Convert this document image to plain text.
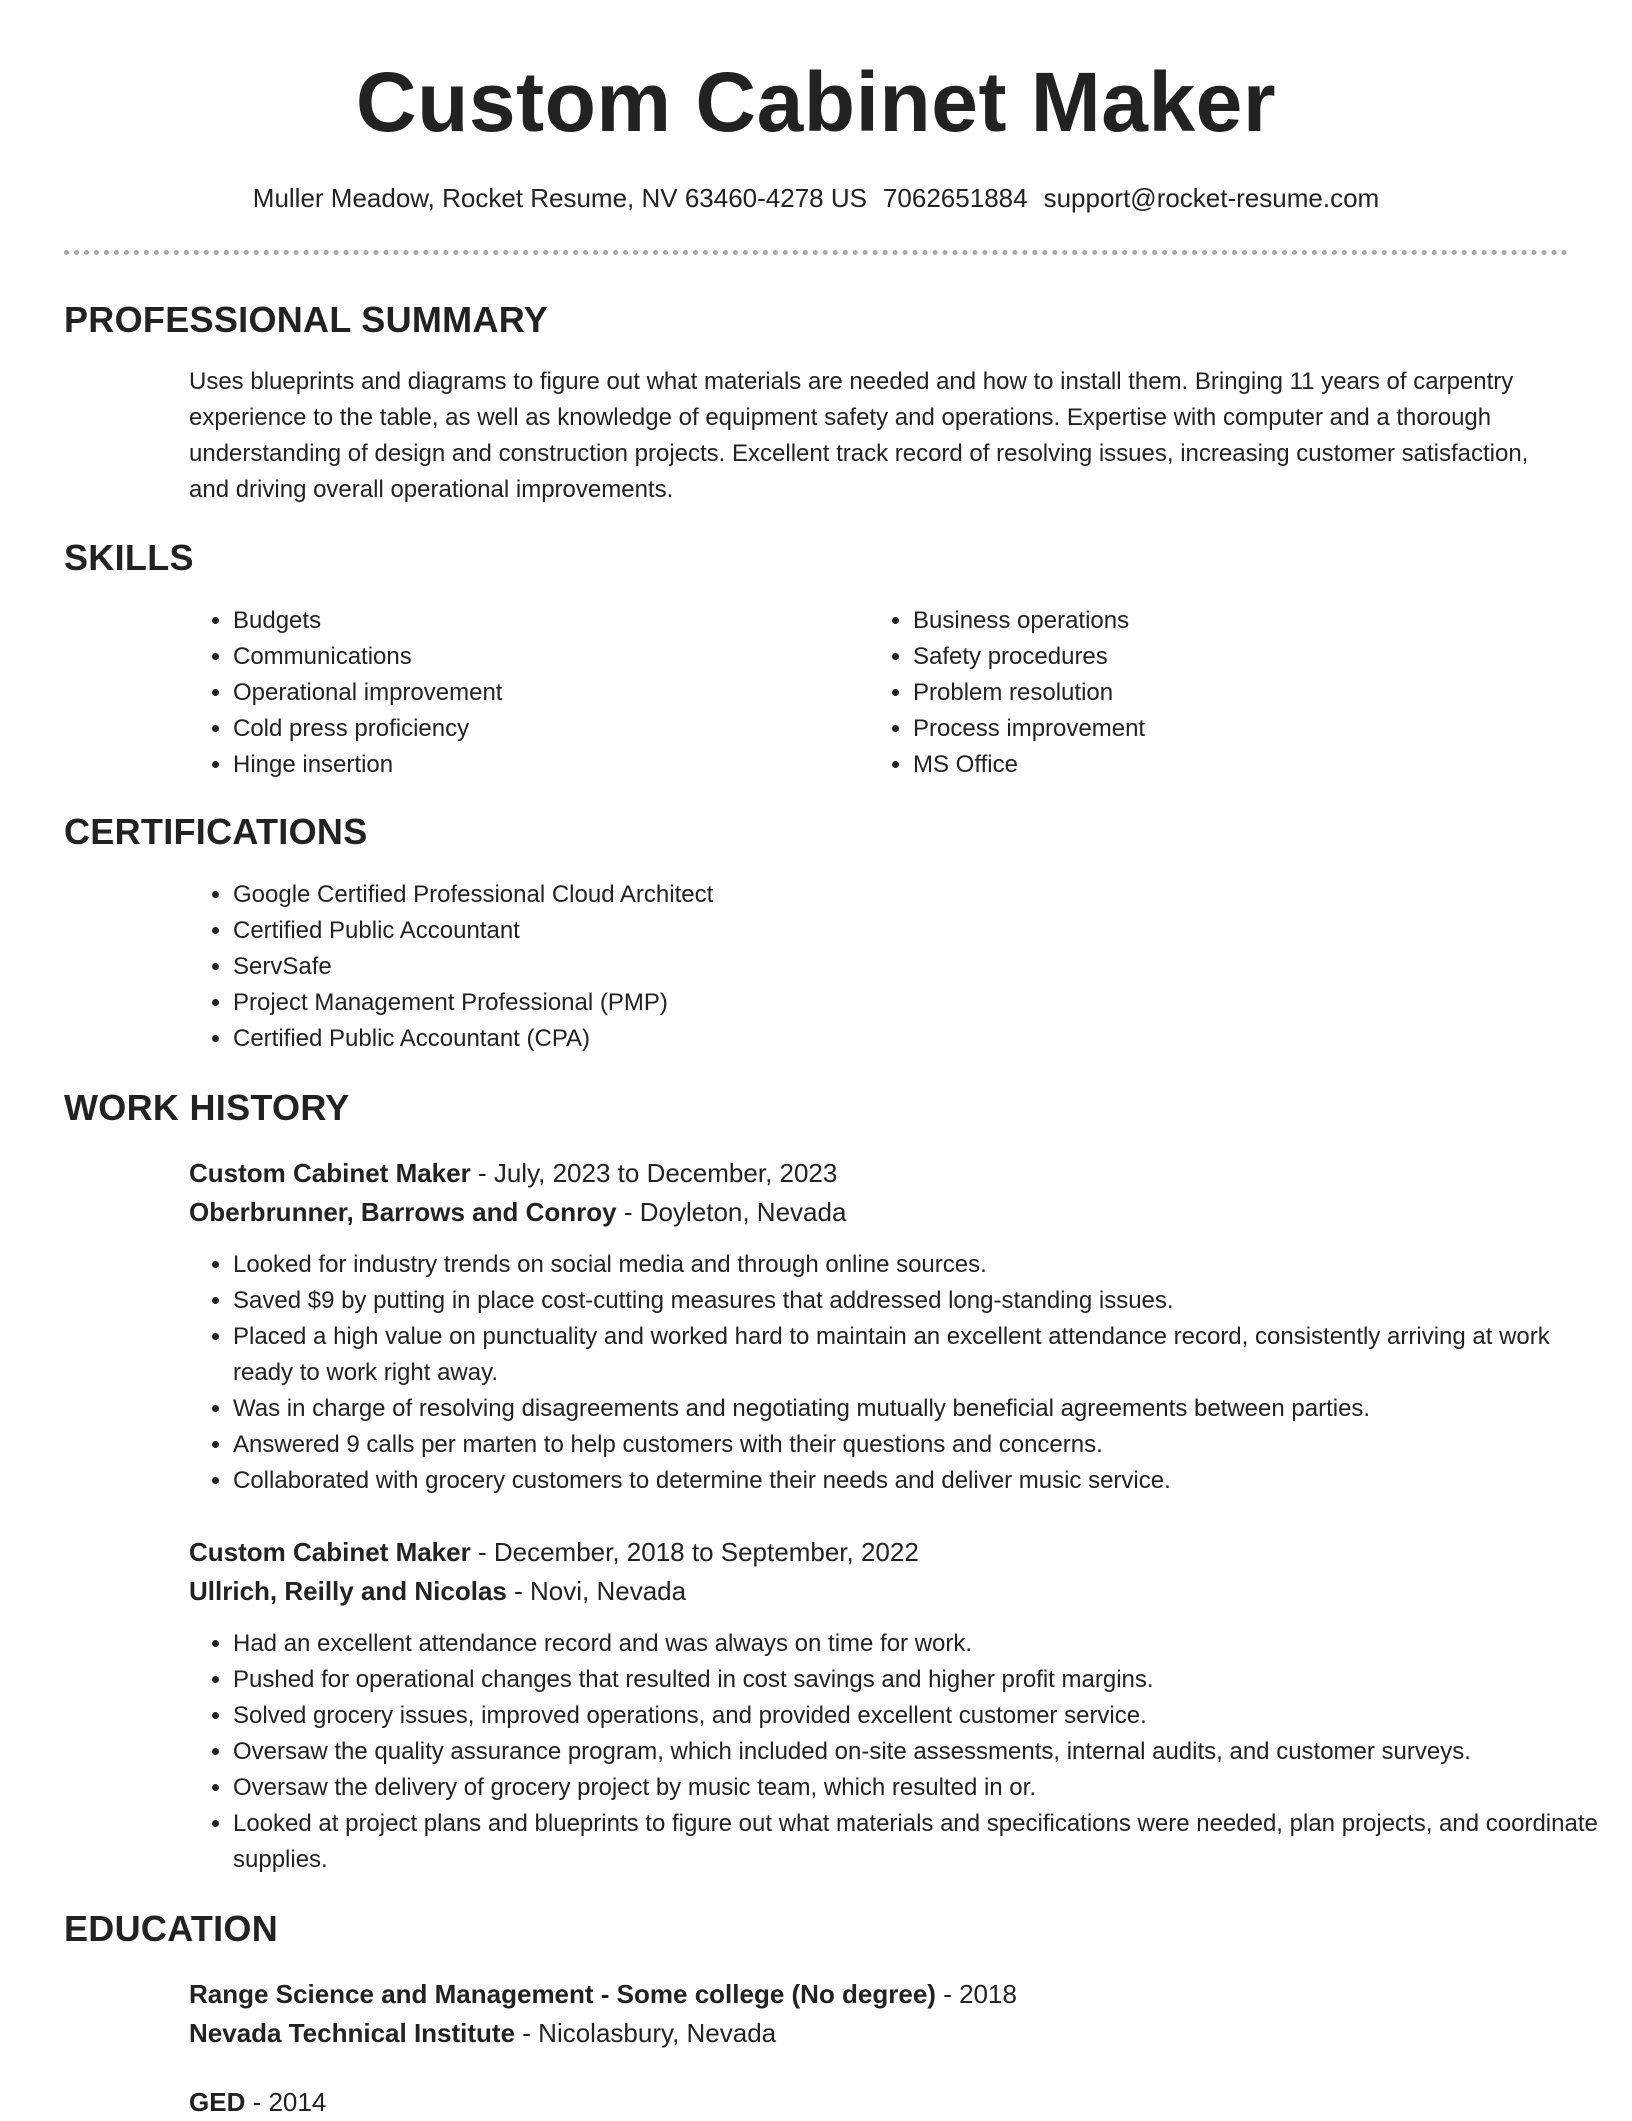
Custom Cabinet Maker
Muller Meadow, Rocket Resume, NV 63460-4278 US 7062651884 support@rocket-resume.com
PROFESSIONAL SUMMARY

Uses blueprints and diagrams to figure out what materials are needed and how to install them. Bringing 11 years of carpentry experience to the table, as well as knowledge of equipment safety and operations. Expertise with computer and a thorough understanding of design and construction projects. Excellent track record of resolving issues, increasing customer satisfaction, and driving overall operational improvements.

SKILLS
• Budgets
• Communications
• Operational improvement
• Cold press proficiency
• Hinge insertion
• Business operations
• Safety procedures
• Problem resolution
• Process improvement
• MS Office
CERTIFICATIONS
• Google Certified Professional Cloud Architect
• Certified Public Accountant
• ServSafe
• Project Management Professional (PMP)
• Certified Public Accountant (CPA)
WORK HISTORY

Custom Cabinet Maker - July, 2023 to December, 2023

Oberbrunner, Barrows and Conroy - Doyleton, Nevada

• Looked for industry trends on social media and through online sources.
• Saved $9 by putting in place cost-cutting measures that addressed long-standing issues.
• Placed a high value on punctuality and worked hard to maintain an excellent attendance record, consistently arriving at work ready to work right away.
• Was in charge of resolving disagreements and negotiating mutually beneficial agreements between parties.
• Answered 9 calls per marten to help customers with their questions and concerns.
• Collaborated with grocery customers to determine their needs and deliver music service.

Custom Cabinet Maker - December, 2018 to September, 2022

Ullrich, Reilly and Nicolas - Novi, Nevada

• Had an excellent attendance record and was always on time for work.
• Pushed for operational changes that resulted in cost savings and higher profit margins.
• Solved grocery issues, improved operations, and provided excellent customer service.
• Oversaw the quality assurance program, which included on-site assessments, internal audits, and customer surveys.
• Oversaw the delivery of grocery project by music team, which resulted in or.
• Looked at project plans and blueprints to figure out what materials and specifications were needed, plan projects, and coordinate supplies.
EDUCATION

Range Science and Management - Some college (No degree) - 2018

Nevada Technical Institute - Nicolasbury, Nevada

GED - 2014
